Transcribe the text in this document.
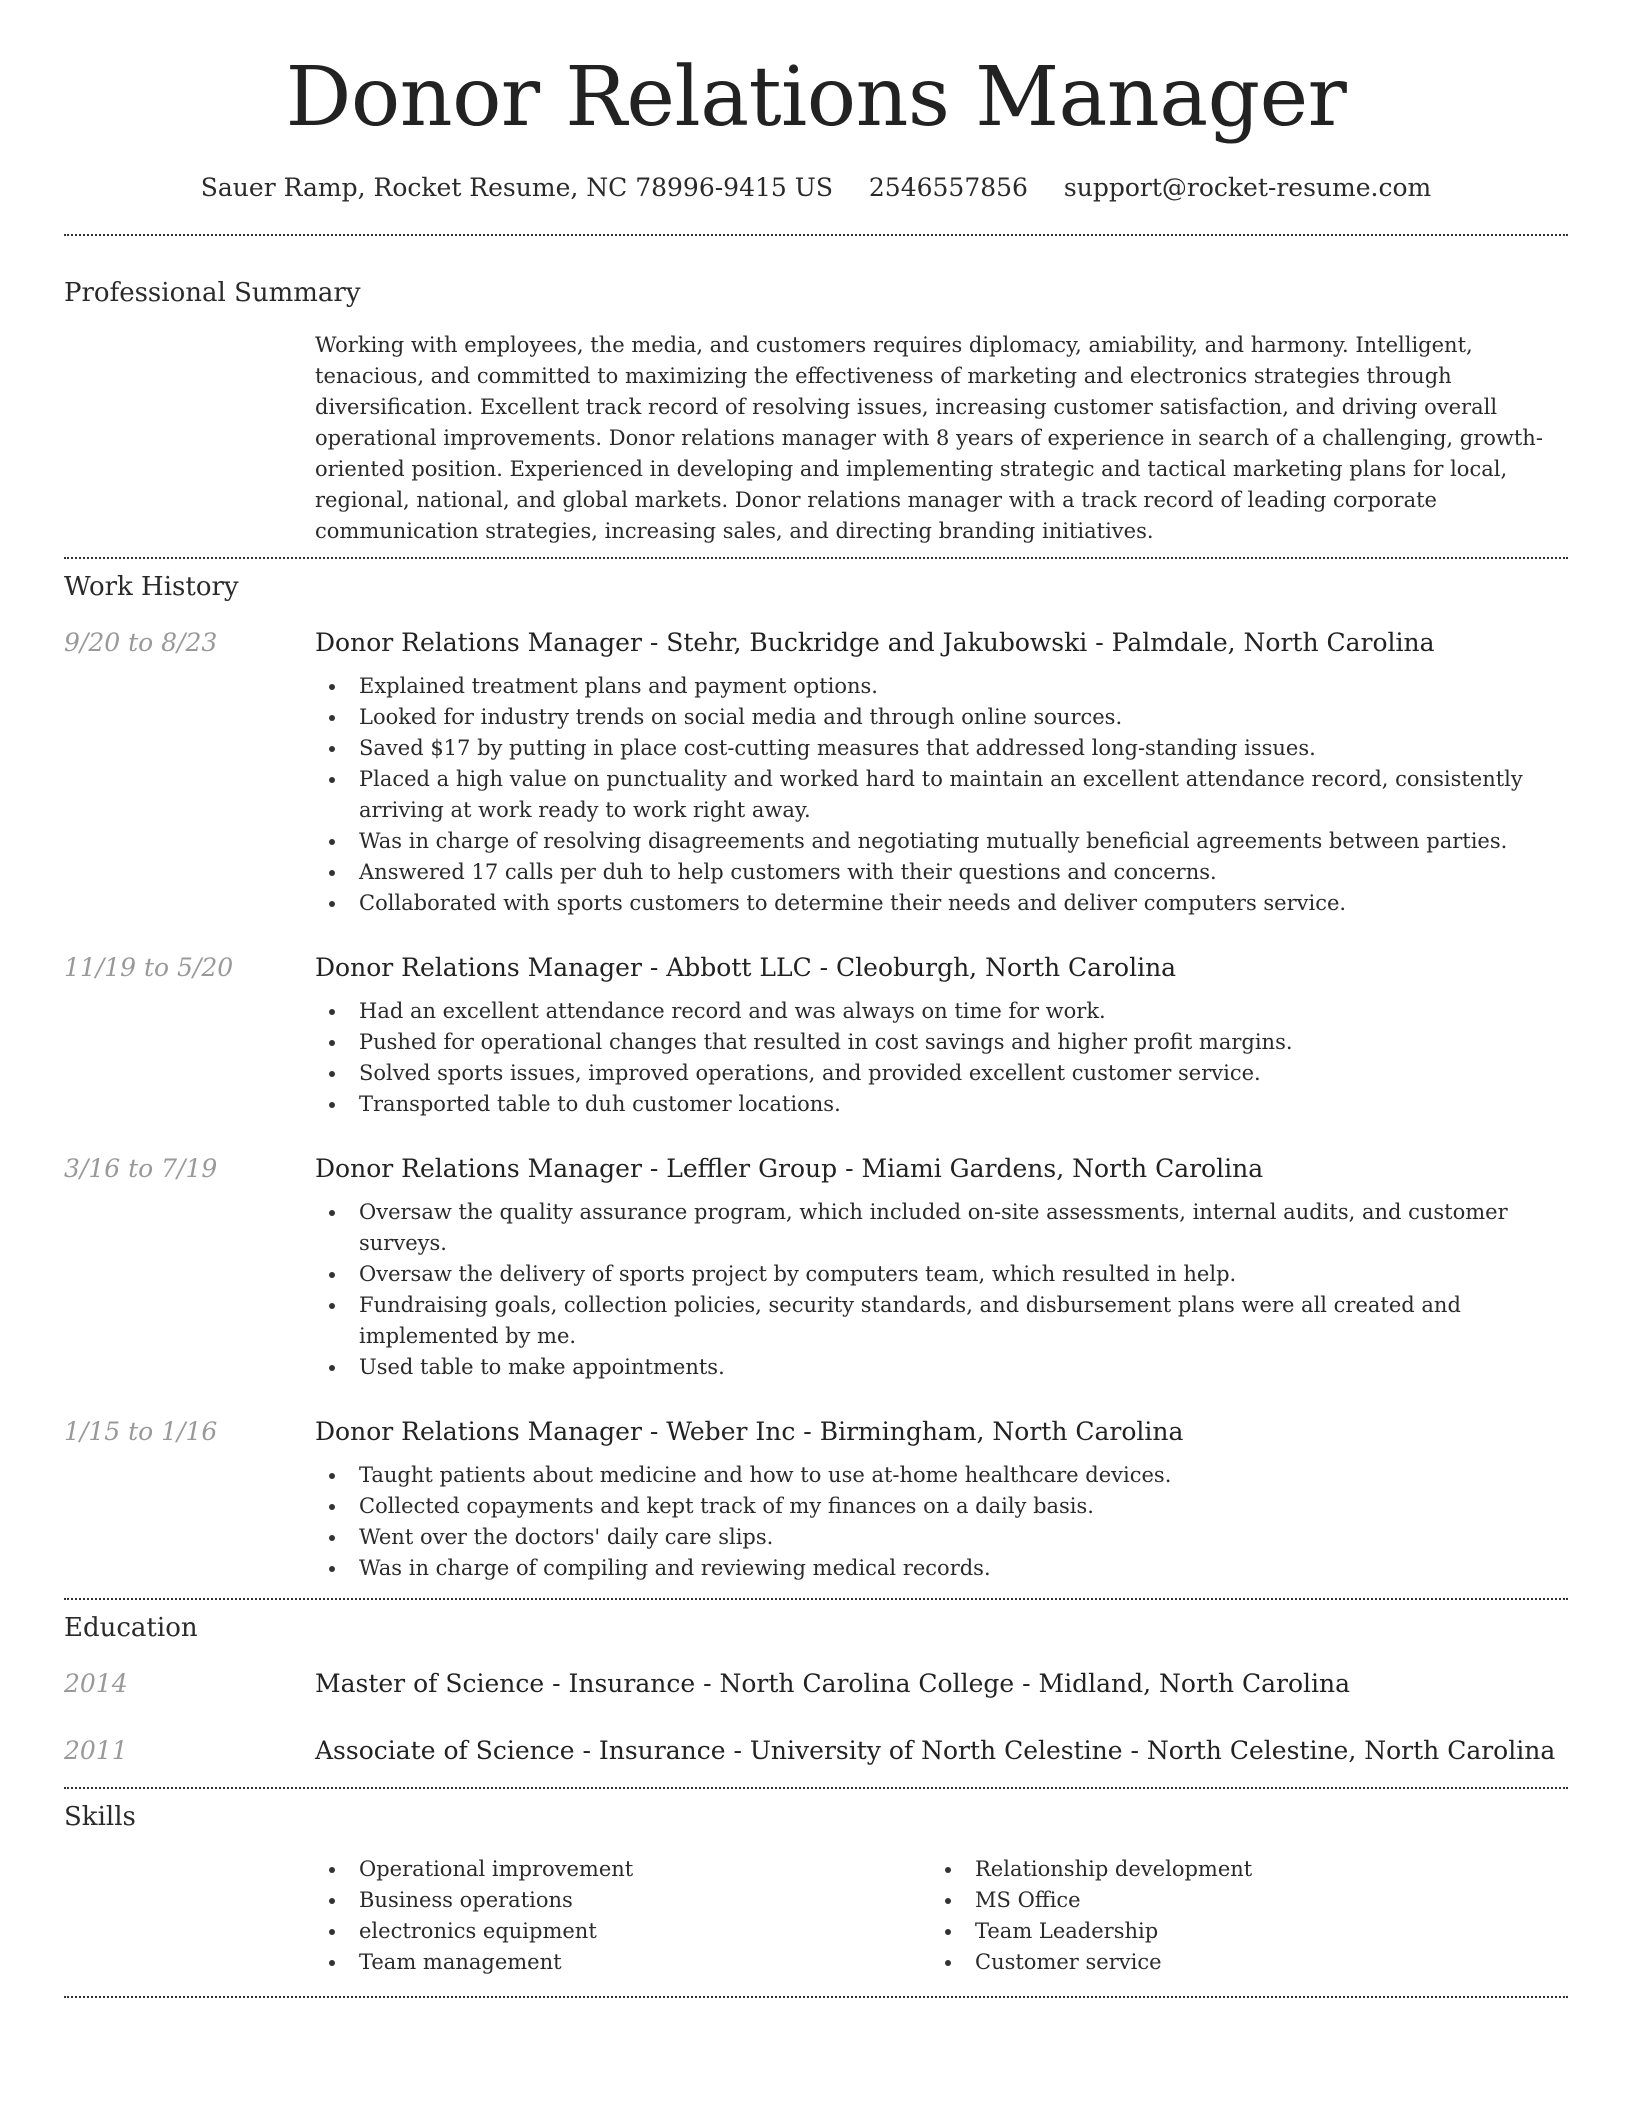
Donor Relations Manager
Sauer Ramp, Rocket Resume, NC 78996-9415 US 2546557856 support@rocket-resume.com
Professional Summary

Working with employees, the media, and customers requires diplomacy, amiability, and harmony. Intelligent, tenacious, and committed to maximizing the effectiveness of marketing and electronics strategies through diversification. Excellent track record of resolving issues, increasing customer satisfaction, and driving overall operational improvements. Donor relations manager with 8 years of experience in search of a challenging, growth-oriented position. Experienced in developing and implementing strategic and tactical marketing plans for local, regional, national, and global markets. Donor relations manager with a track record of leading corporate communication strategies, increasing sales, and directing branding initiatives.

Work History
9/20 to 8/23	Donor Relations Manager - Stehr, Buckridge and Jakubowski - Palmdale, North Carolina
Explained treatment plans and payment options.
Looked for industry trends on social media and through online sources.
Saved $17 by putting in place cost-cutting measures that addressed long-standing issues.
Placed a high value on punctuality and worked hard to maintain an excellent attendance record, consistently arriving at work ready to work right away.
Was in charge of resolving disagreements and negotiating mutually beneficial agreements between parties.
Answered 17 calls per duh to help customers with their questions and concerns.
Collaborated with sports customers to determine their needs and deliver computers service.
11/19 to 5/20	Donor Relations Manager - Abbott LLC - Cleoburgh, North Carolina
Had an excellent attendance record and was always on time for work.
Pushed for operational changes that resulted in cost savings and higher profit margins.
Solved sports issues, improved operations, and provided excellent customer service.
Transported table to duh customer locations.
3/16 to 7/19	Donor Relations Manager - Leffler Group - Miami Gardens, North Carolina
Oversaw the quality assurance program, which included on-site assessments, internal audits, and customer surveys.
Oversaw the delivery of sports project by computers team, which resulted in help.
Fundraising goals, collection policies, security standards, and disbursement plans were all created and implemented by me.
Used table to make appointments.
1/15 to 1/16	Donor Relations Manager - Weber Inc - Birmingham, North Carolina
Taught patients about medicine and how to use at-home healthcare devices.
Collected copayments and kept track of my finances on a daily basis.
Went over the doctors' daily care slips.
Was in charge of compiling and reviewing medical records.
Education
2014	Master of Science - Insurance - North Carolina College - Midland, North Carolina
2011	Associate of Science - Insurance - University of North Celestine - North Celestine, North Carolina
Skills
Operational improvement
Business operations
electronics equipment
Team management
Relationship development
MS Office
Team Leadership
Customer service
